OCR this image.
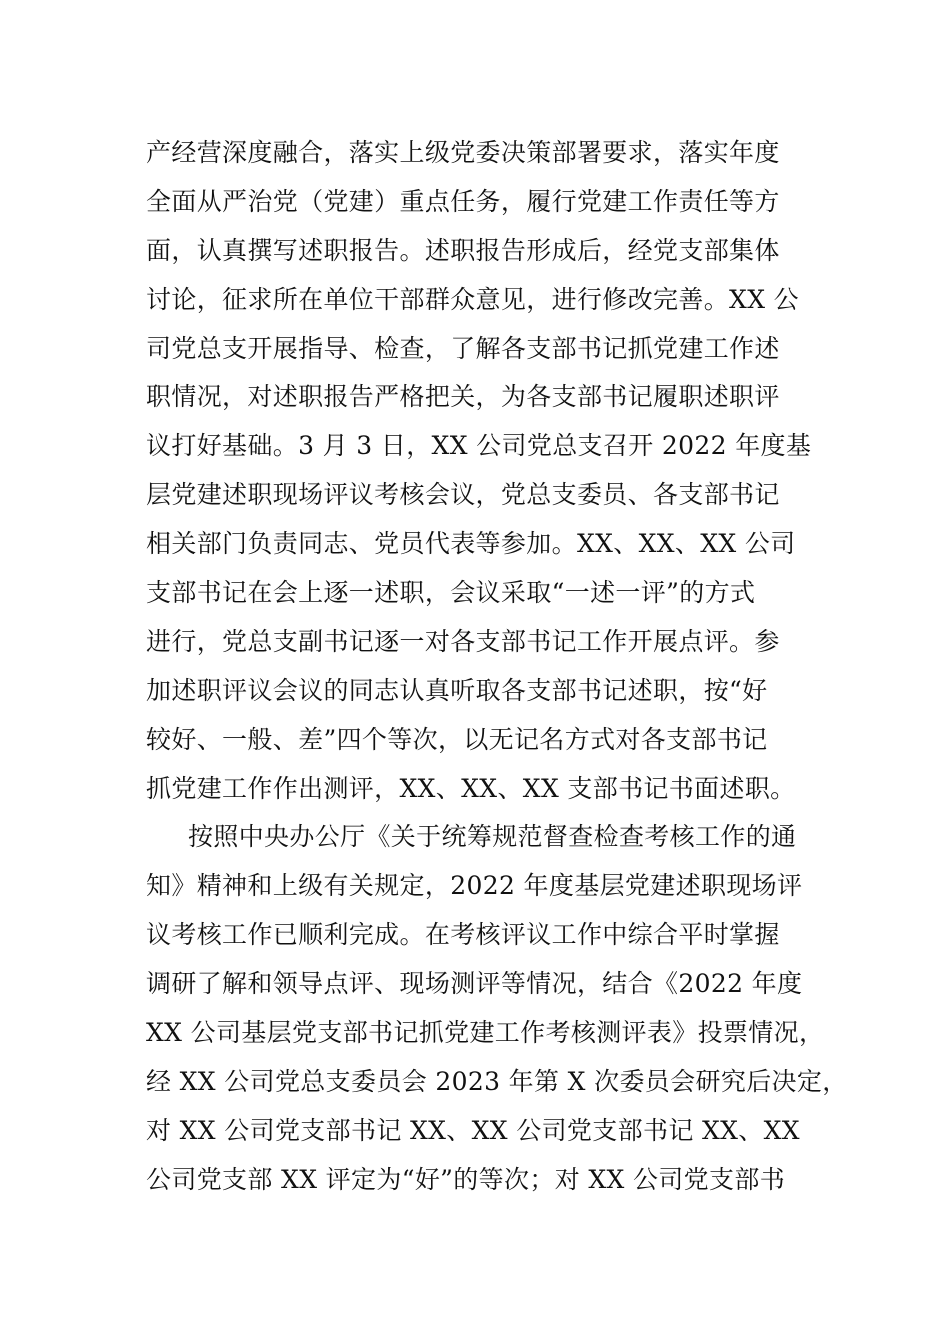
产经营深度融合，落实上级党委决策部署要求，落实年度
全面从严治党（党建）重点任务，履行党建工作责任等方
面，认真撰写述职报告。述职报告形成后，经党支部集体
讨论，征求所在单位干部群众意见，进行修改完善。XX 公
司党总支开展指导、检查，了解各支部书记抓党建工作述
职情况，对述职报告严格把关，为各支部书记履职述职评
议打好基础。3 月 3 日，XX 公司党总支召开 2022 年度基
层党建述职现场评议考核会议，党总支委员、各支部书记
相关部门负责同志、党员代表等参加。XX、XX、XX 公司
支部书记在会上逐一述职，会议采取“一述一评”的方式
进行，党总支副书记逐一对各支部书记工作开展点评。参
加述职评议会议的同志认真听取各支部书记述职，按“好
较好、一般、差”四个等次，以无记名方式对各支部书记
抓党建工作作出测评，XX、XX、XX 支部书记书面述职。
按照中央办公厅《关于统筹规范督查检查考核工作的通
知》精神和上级有关规定，2022 年度基层党建述职现场评
议考核工作已顺利完成。在考核评议工作中综合平时掌握
调研了解和领导点评、现场测评等情况，结合《2022 年度
XX 公司基层党支部书记抓党建工作考核测评表》投票情况，
经 XX 公司党总支委员会 2023 年第 X 次委员会研究后决定，
对 XX 公司党支部书记 XX、XX 公司党支部书记 XX、XX
公司党支部 XX 评定为“好”的等次；对 XX 公司党支部书
